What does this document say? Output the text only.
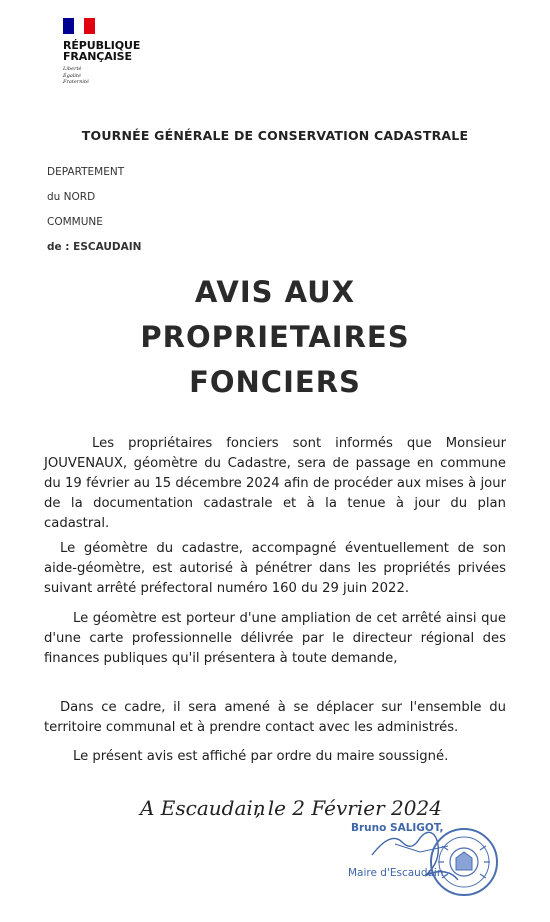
RÉPUBLIQUE
FRANÇAISE
Liberté
Égalité
Fraternité
TOURNÉE GÉNÉRALE DE CONSERVATION CADASTRALE
DEPARTEMENT
du NORD
COMMUNE
de : ESCAUDAIN
AVIS AUX
PROPRIETAIRES
FONCIERS

Les propriétaires fonciers sont informés que Monsieur JOUVENAUX, géomètre du Cadastre, sera de passage en commune du 19 février au 15 décembre 2024 afin de procéder aux mises à jour de la documentation cadastrale et à la tenue à jour du plan cadastral.

Le géomètre du cadastre, accompagné éventuellement de son aide-géomètre, est autorisé à pénétrer dans les propriétés privées suivant arrêté préfectoral numéro 160 du 29 juin 2022.

Le géomètre est porteur d'une ampliation de cet arrêté ainsi que d'une carte professionnelle délivrée par le directeur régional des finances publiques qu'il présentera à toute demande,

Dans ce cadre, il sera amené à se déplacer sur l'ensemble du territoire communal et à prendre contact avec les administrés.

Le présent avis est affiché par ordre du maire soussigné.

A Escaudain
, le 2 Février 2024
Bruno SALIGOT,
Maire d'Escaudain.
